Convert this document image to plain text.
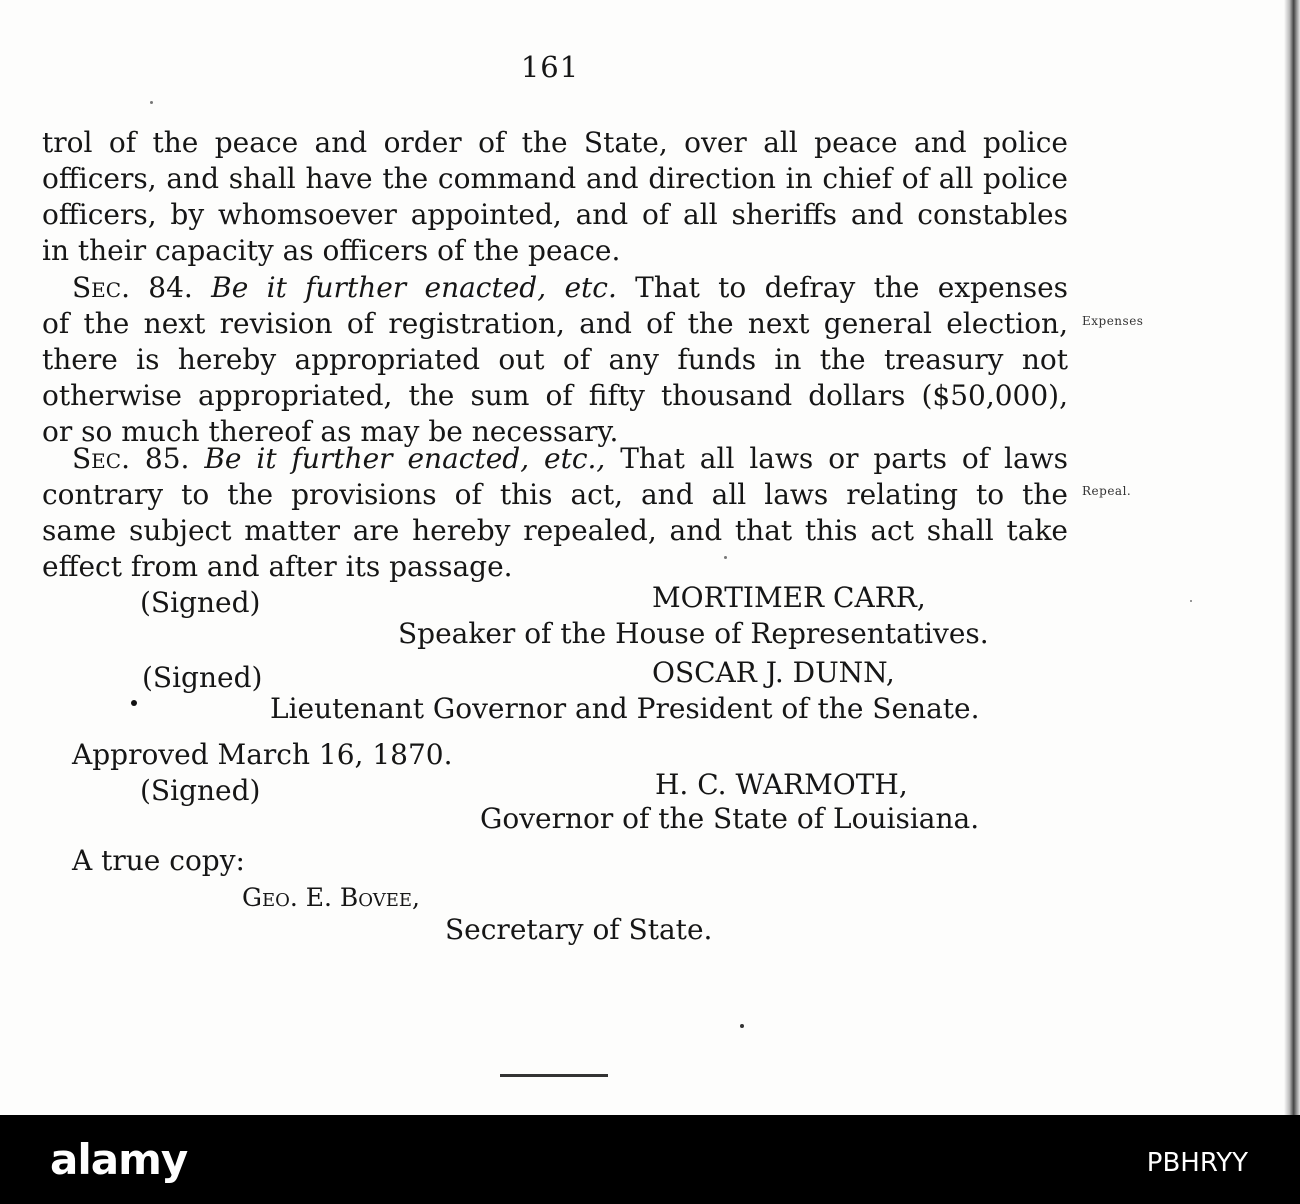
161
trol of the peace and order of the State, over all peace and police
officers, and shall have the command and direction in chief of all police
officers, by whomsoever appointed, and of all sheriffs and constables
in their capacity as officers of the peace.
Sec. 84. Be it further enacted, etc. That to defray the expenses
of the next revision of registration, and of the next general election,
there is hereby appropriated out of any funds in the treasury not
otherwise appropriated, the sum of fifty thousand dollars ($50,000),
or so much thereof as may be necessary.
Expenses
Sec. 85. Be it further enacted, etc., That all laws or parts of laws
contrary to the provisions of this act, and all laws relating to the
same subject matter are hereby repealed, and that this act shall take
effect from and after its passage.
Repeal.
(Signed)	MORTIMER CARR,
Speaker of the House of Representatives.
(Signed)	OSCAR J. DUNN,
Lieutenant Governor and President of the Senate.
Approved March 16, 1870.
(Signed)	H. C. WARMOTH,
Governor of the State of Louisiana.
A true copy:
Geo. E. Bovee,
Secretary of State.
alamy	PBHRYY
